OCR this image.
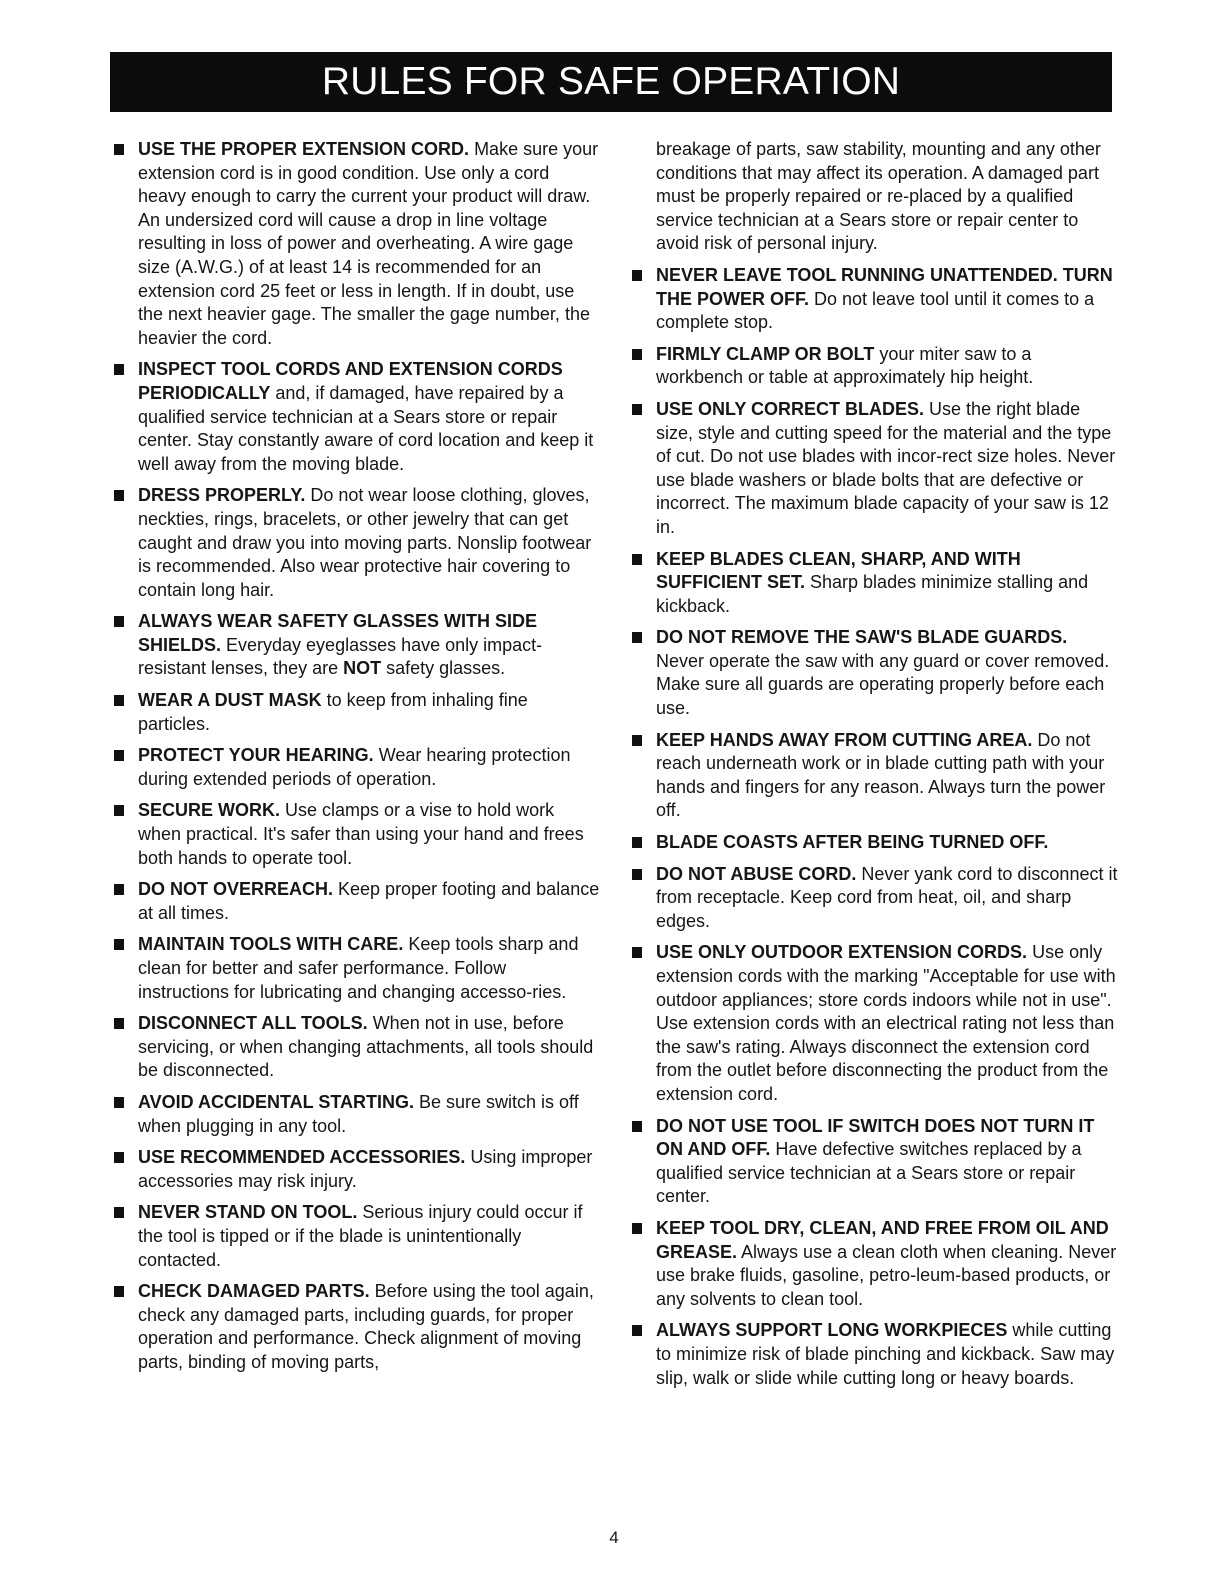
RULES FOR SAFE OPERATION
USE THE PROPER EXTENSION CORD. Make sure your extension cord is in good condition. Use only a cord heavy enough to carry the current your product will draw. An undersized cord will cause a drop in line voltage resulting in loss of power and overheating. A wire gage size (A.W.G.) of at least 14 is recommended for an extension cord 25 feet or less in length. If in doubt, use the next heavier gage. The smaller the gage number, the heavier the cord.
INSPECT TOOL CORDS AND EXTENSION CORDS PERIODICALLY and, if damaged, have repaired by a qualified service technician at a Sears store or repair center. Stay constantly aware of cord location and keep it well away from the moving blade.
DRESS PROPERLY. Do not wear loose clothing, gloves, neckties, rings, bracelets, or other jewelry that can get caught and draw you into moving parts. Nonslip footwear is recommended. Also wear protective hair covering to contain long hair.
ALWAYS WEAR SAFETY GLASSES WITH SIDE SHIELDS. Everyday eyeglasses have only impact-resistant lenses, they are NOT safety glasses.
WEAR A DUST MASK to keep from inhaling fine particles.
PROTECT YOUR HEARING. Wear hearing protection during extended periods of operation.
SECURE WORK. Use clamps or a vise to hold work when practical. It's safer than using your hand and frees both hands to operate tool.
DO NOT OVERREACH. Keep proper footing and balance at all times.
MAINTAIN TOOLS WITH CARE. Keep tools sharp and clean for better and safer performance. Follow instructions for lubricating and changing accesso-ries.
DISCONNECT ALL TOOLS. When not in use, before servicing, or when changing attachments, all tools should be disconnected.
AVOID ACCIDENTAL STARTING. Be sure switch is off when plugging in any tool.
USE RECOMMENDED ACCESSORIES. Using improper accessories may risk injury.
NEVER STAND ON TOOL. Serious injury could occur if the tool is tipped or if the blade is unintentionally contacted.
CHECK DAMAGED PARTS. Before using the tool again, check any damaged parts, including guards, for proper operation and performance. Check alignment of moving parts, binding of moving parts,
breakage of parts, saw stability, mounting and any other conditions that may affect its operation. A damaged part must be properly repaired or re-placed by a qualified service technician at a Sears store or repair center to avoid risk of personal injury.
NEVER LEAVE TOOL RUNNING UNATTENDED. TURN THE POWER OFF. Do not leave tool until it comes to a complete stop.
FIRMLY CLAMP OR BOLT your miter saw to a workbench or table at approximately hip height.
USE ONLY CORRECT BLADES. Use the right blade size, style and cutting speed for the material and the type of cut. Do not use blades with incor-rect size holes. Never use blade washers or blade bolts that are defective or incorrect. The maximum blade capacity of your saw is 12 in.
KEEP BLADES CLEAN, SHARP, AND WITH SUFFICIENT SET. Sharp blades minimize stalling and kickback.
DO NOT REMOVE THE SAW'S BLADE GUARDS. Never operate the saw with any guard or cover removed. Make sure all guards are operating properly before each use.
KEEP HANDS AWAY FROM CUTTING AREA. Do not reach underneath work or in blade cutting path with your hands and fingers for any reason. Always turn the power off.
BLADE COASTS AFTER BEING TURNED OFF.
DO NOT ABUSE CORD. Never yank cord to disconnect it from receptacle. Keep cord from heat, oil, and sharp edges.
USE ONLY OUTDOOR EXTENSION CORDS. Use only extension cords with the marking "Acceptable for use with outdoor appliances; store cords indoors while not in use". Use extension cords with an electrical rating not less than the saw's rating. Always disconnect the extension cord from the outlet before disconnecting the product from the extension cord.
DO NOT USE TOOL IF SWITCH DOES NOT TURN IT ON AND OFF. Have defective switches replaced by a qualified service technician at a Sears store or repair center.
KEEP TOOL DRY, CLEAN, AND FREE FROM OIL AND GREASE. Always use a clean cloth when cleaning. Never use brake fluids, gasoline, petro-leum-based products, or any solvents to clean tool.
ALWAYS SUPPORT LONG WORKPIECES while cutting to minimize risk of blade pinching and kickback. Saw may slip, walk or slide while cutting long or heavy boards.
4
